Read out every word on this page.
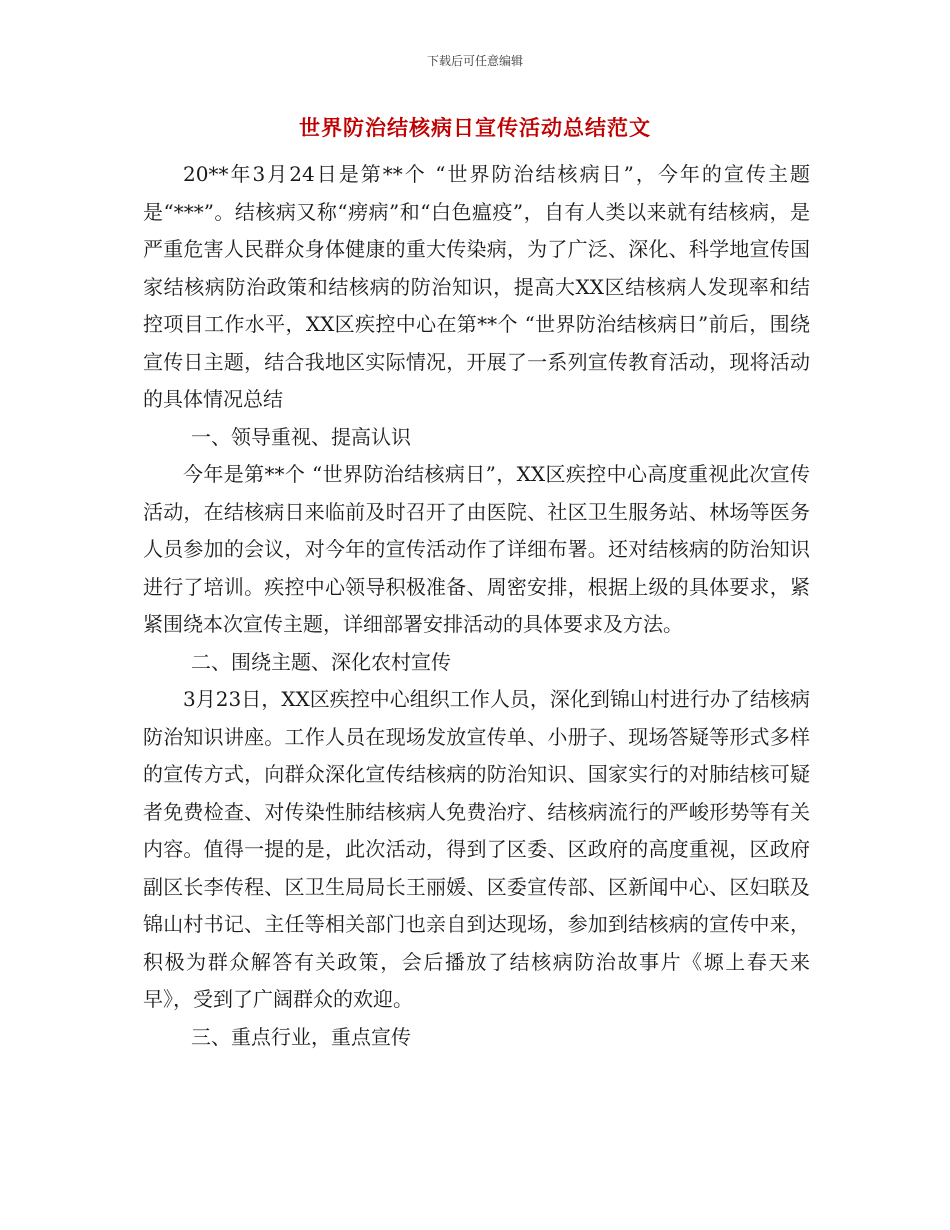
下载后可任意编辑
世界防治结核病日宣传活动总结范文

20**年3月24日是第**个 “世界防治结核病日”，今年的宣传主题是“***”。结核病又称“痨病”和“白色瘟疫”，自有人类以来就有结核病，是严重危害人民群众身体健康的重大传染病，为了广泛、深化、科学地宣传国家结核病防治政策和结核病的防治知识，提高大XX区结核病人发现率和结控项目工作水平，XX区疾控中心在第**个 “世界防治结核病日”前后，围绕宣传日主题，结合我地区实际情况，开展了一系列宣传教育活动，现将活动的具体情况总结

一、领导重视、提高认识

今年是第**个 “世界防治结核病日”，XX区疾控中心高度重视此次宣传活动，在结核病日来临前及时召开了由医院、社区卫生服务站、林场等医务人员参加的会议，对今年的宣传活动作了详细布署。还对结核病的防治知识进行了培训。疾控中心领导积极准备、周密安排，根据上级的具体要求，紧紧围绕本次宣传主题，详细部署安排活动的具体要求及方法。

二、围绕主题、深化农村宣传

3月23日，XX区疾控中心组织工作人员，深化到锦山村进行办了结核病防治知识讲座。工作人员在现场发放宣传单、小册子、现场答疑等形式多样的宣传方式，向群众深化宣传结核病的防治知识、国家实行的对肺结核可疑者免费检查、对传染性肺结核病人免费治疗、结核病流行的严峻形势等有关内容。值得一提的是，此次活动，得到了区委、区政府的高度重视，区政府副区长李传程、区卫生局局长王丽媛、区委宣传部、区新闻中心、区妇联及锦山村书记、主任等相关部门也亲自到达现场，参加到结核病的宣传中来，积极为群众解答有关政策，会后播放了结核病防治故事片《塬上春天来早》，受到了广阔群众的欢迎。

三、重点行业，重点宣传
